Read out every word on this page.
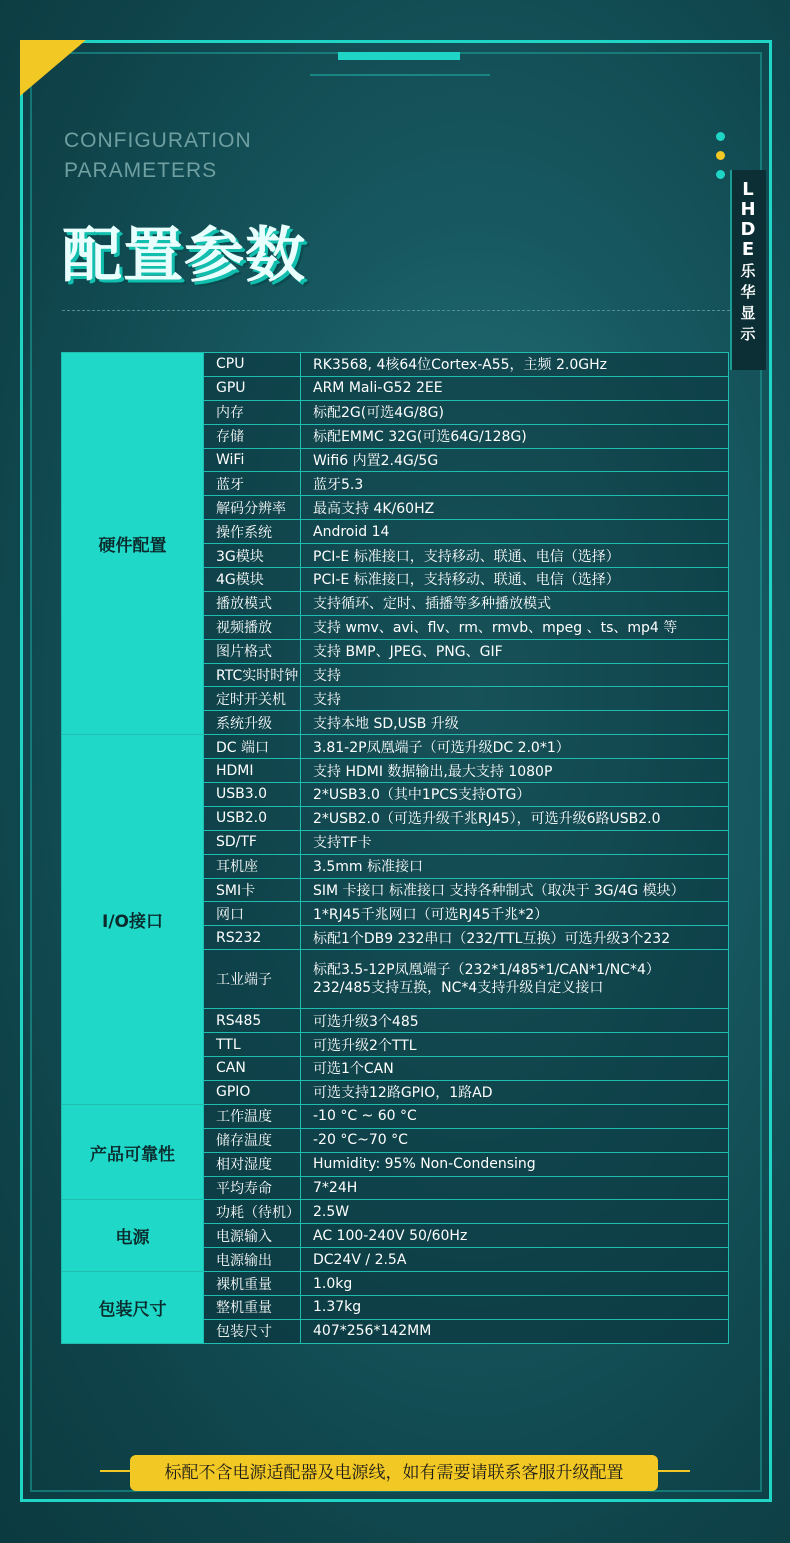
L
H
D
E
乐
华
显
示
CONFIGURATION
PARAMETERS
配置参数
硬件配置	CPU	RK3568, 4核64位Cortex-A55，主频 2.0GHz
	GPU	ARM Mali-G52 2EE
	内存	标配2G(可选4G/8G)
	存储	标配EMMC 32G(可选64G/128G)
	WiFi	Wifi6 内置2.4G/5G
	蓝牙	蓝牙5.3
	解码分辨率	最高支持 4K/60HZ
	操作系统	Android 14
	3G模块	PCI-E 标准接口，支持移动、联通、电信（选择）
	4G模块	PCI-E 标准接口，支持移动、联通、电信（选择）
	播放模式	支持循环、定时、插播等多种播放模式
	视频播放	支持 wmv、avi、flv、rm、rmvb、mpeg 、ts、mp4 等
	图片格式	支持 BMP、JPEG、PNG、GIF
	RTC实时时钟	支持
	定时开关机	支持
	系统升级	支持本地 SD,USB 升级
I/O接口	DC 端口	3.81-2P凤凰端子（可选升级DC 2.0*1）
	HDMI	支持 HDMI 数据输出,最大支持 1080P
	USB3.0	2*USB3.0（其中1PCS支持OTG）
	USB2.0	2*USB2.0（可选升级千兆RJ45），可选升级6路USB2.0
	SD/TF	支持TF卡
	耳机座	3.5mm 标准接口
	SMI卡	SIM 卡接口 标准接口 支持各种制式（取决于 3G/4G 模块）
	网口	1*RJ45千兆网口（可选RJ45千兆*2）
	RS232	标配1个DB9 232串口（232/TTL互换）可选升级3个232
	工业端子	标配3.5-12P凤凰端子（232*1/485*1/CAN*1/NC*4）
232/485支持互换，NC*4支持升级自定义接口

	RS485	可选升级3个485
	TTL	可选升级2个TTL
	CAN	可选1个CAN
	GPIO	可选支持12路GPIO，1路AD
产品可靠性	工作温度	-10 °C ~ 60 °C
	储存温度	-20 °C~70 °C
	相对湿度	Humidity: 95% Non-Condensing
	平均寿命	7*24H
电源	功耗（待机）	2.5W
	电源输入	AC 100-240V 50/60Hz
	电源输出	DC24V / 2.5A
包装尺寸	裸机重量	1.0kg
	整机重量	1.37kg
	包装尺寸	407*256*142MM
标配不含电源适配器及电源线，如有需要请联系客服升级配置
